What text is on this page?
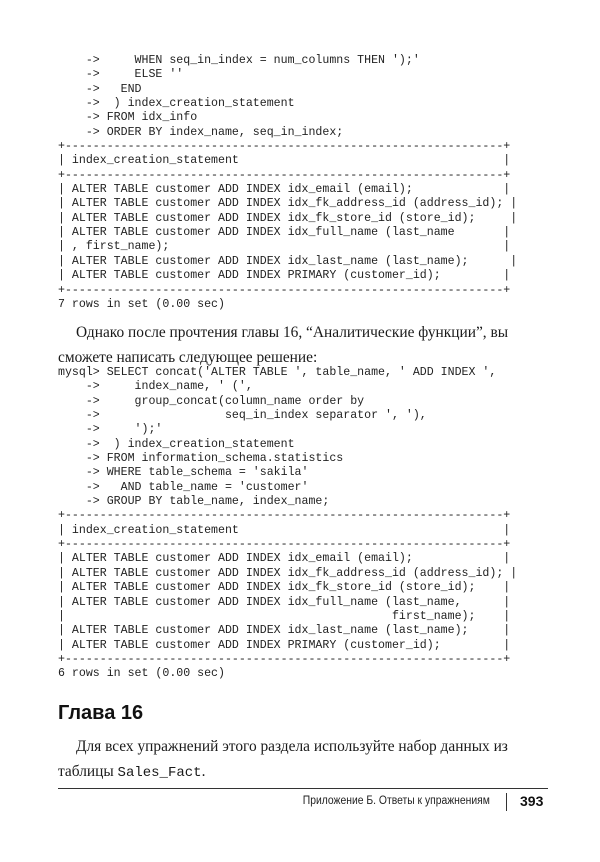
->     WHEN seq_in_index = num_columns THEN ');'
->     ELSE ''
->   END
->  ) index_creation_statement
-> FROM idx_info
-> ORDER BY index_name, seq_in_index;
+---------------------------------------------------------------+
| index_creation_statement                                      |
+---------------------------------------------------------------+
| ALTER TABLE customer ADD INDEX idx_email (email);             |
| ALTER TABLE customer ADD INDEX idx_fk_address_id (address_id); |
| ALTER TABLE customer ADD INDEX idx_fk_store_id (store_id);     |
| ALTER TABLE customer ADD INDEX idx_full_name (last_name       |
| , first_name);                                                |
| ALTER TABLE customer ADD INDEX idx_last_name (last_name);      |
| ALTER TABLE customer ADD INDEX PRIMARY (customer_id);         |
+---------------------------------------------------------------+
7 rows in set (0.00 sec)

Однако после прочтения главы 16, “Аналитические функции”, вы сможете написать следующее решение:

mysql> SELECT concat('ALTER TABLE ', table_name, ' ADD INDEX ',
->     index_name, ' (',
->     group_concat(column_name order by
->                  seq_in_index separator ', '),
->     ');'
->  ) index_creation_statement
-> FROM information_schema.statistics
-> WHERE table_schema = 'sakila'
->   AND table_name = 'customer'
-> GROUP BY table_name, index_name;
+---------------------------------------------------------------+
| index_creation_statement                                      |
+---------------------------------------------------------------+
| ALTER TABLE customer ADD INDEX idx_email (email);             |
| ALTER TABLE customer ADD INDEX idx_fk_address_id (address_id); |
| ALTER TABLE customer ADD INDEX idx_fk_store_id (store_id);    |
| ALTER TABLE customer ADD INDEX idx_full_name (last_name,      |
|                                               first_name);    |
| ALTER TABLE customer ADD INDEX idx_last_name (last_name);     |
| ALTER TABLE customer ADD INDEX PRIMARY (customer_id);         |
+---------------------------------------------------------------+
6 rows in set (0.00 sec)
Глава 16

Для всех упражнений этого раздела используйте набор данных из таблицы Sales_Fact.

Приложение Б. Ответы к упражнениям 393
